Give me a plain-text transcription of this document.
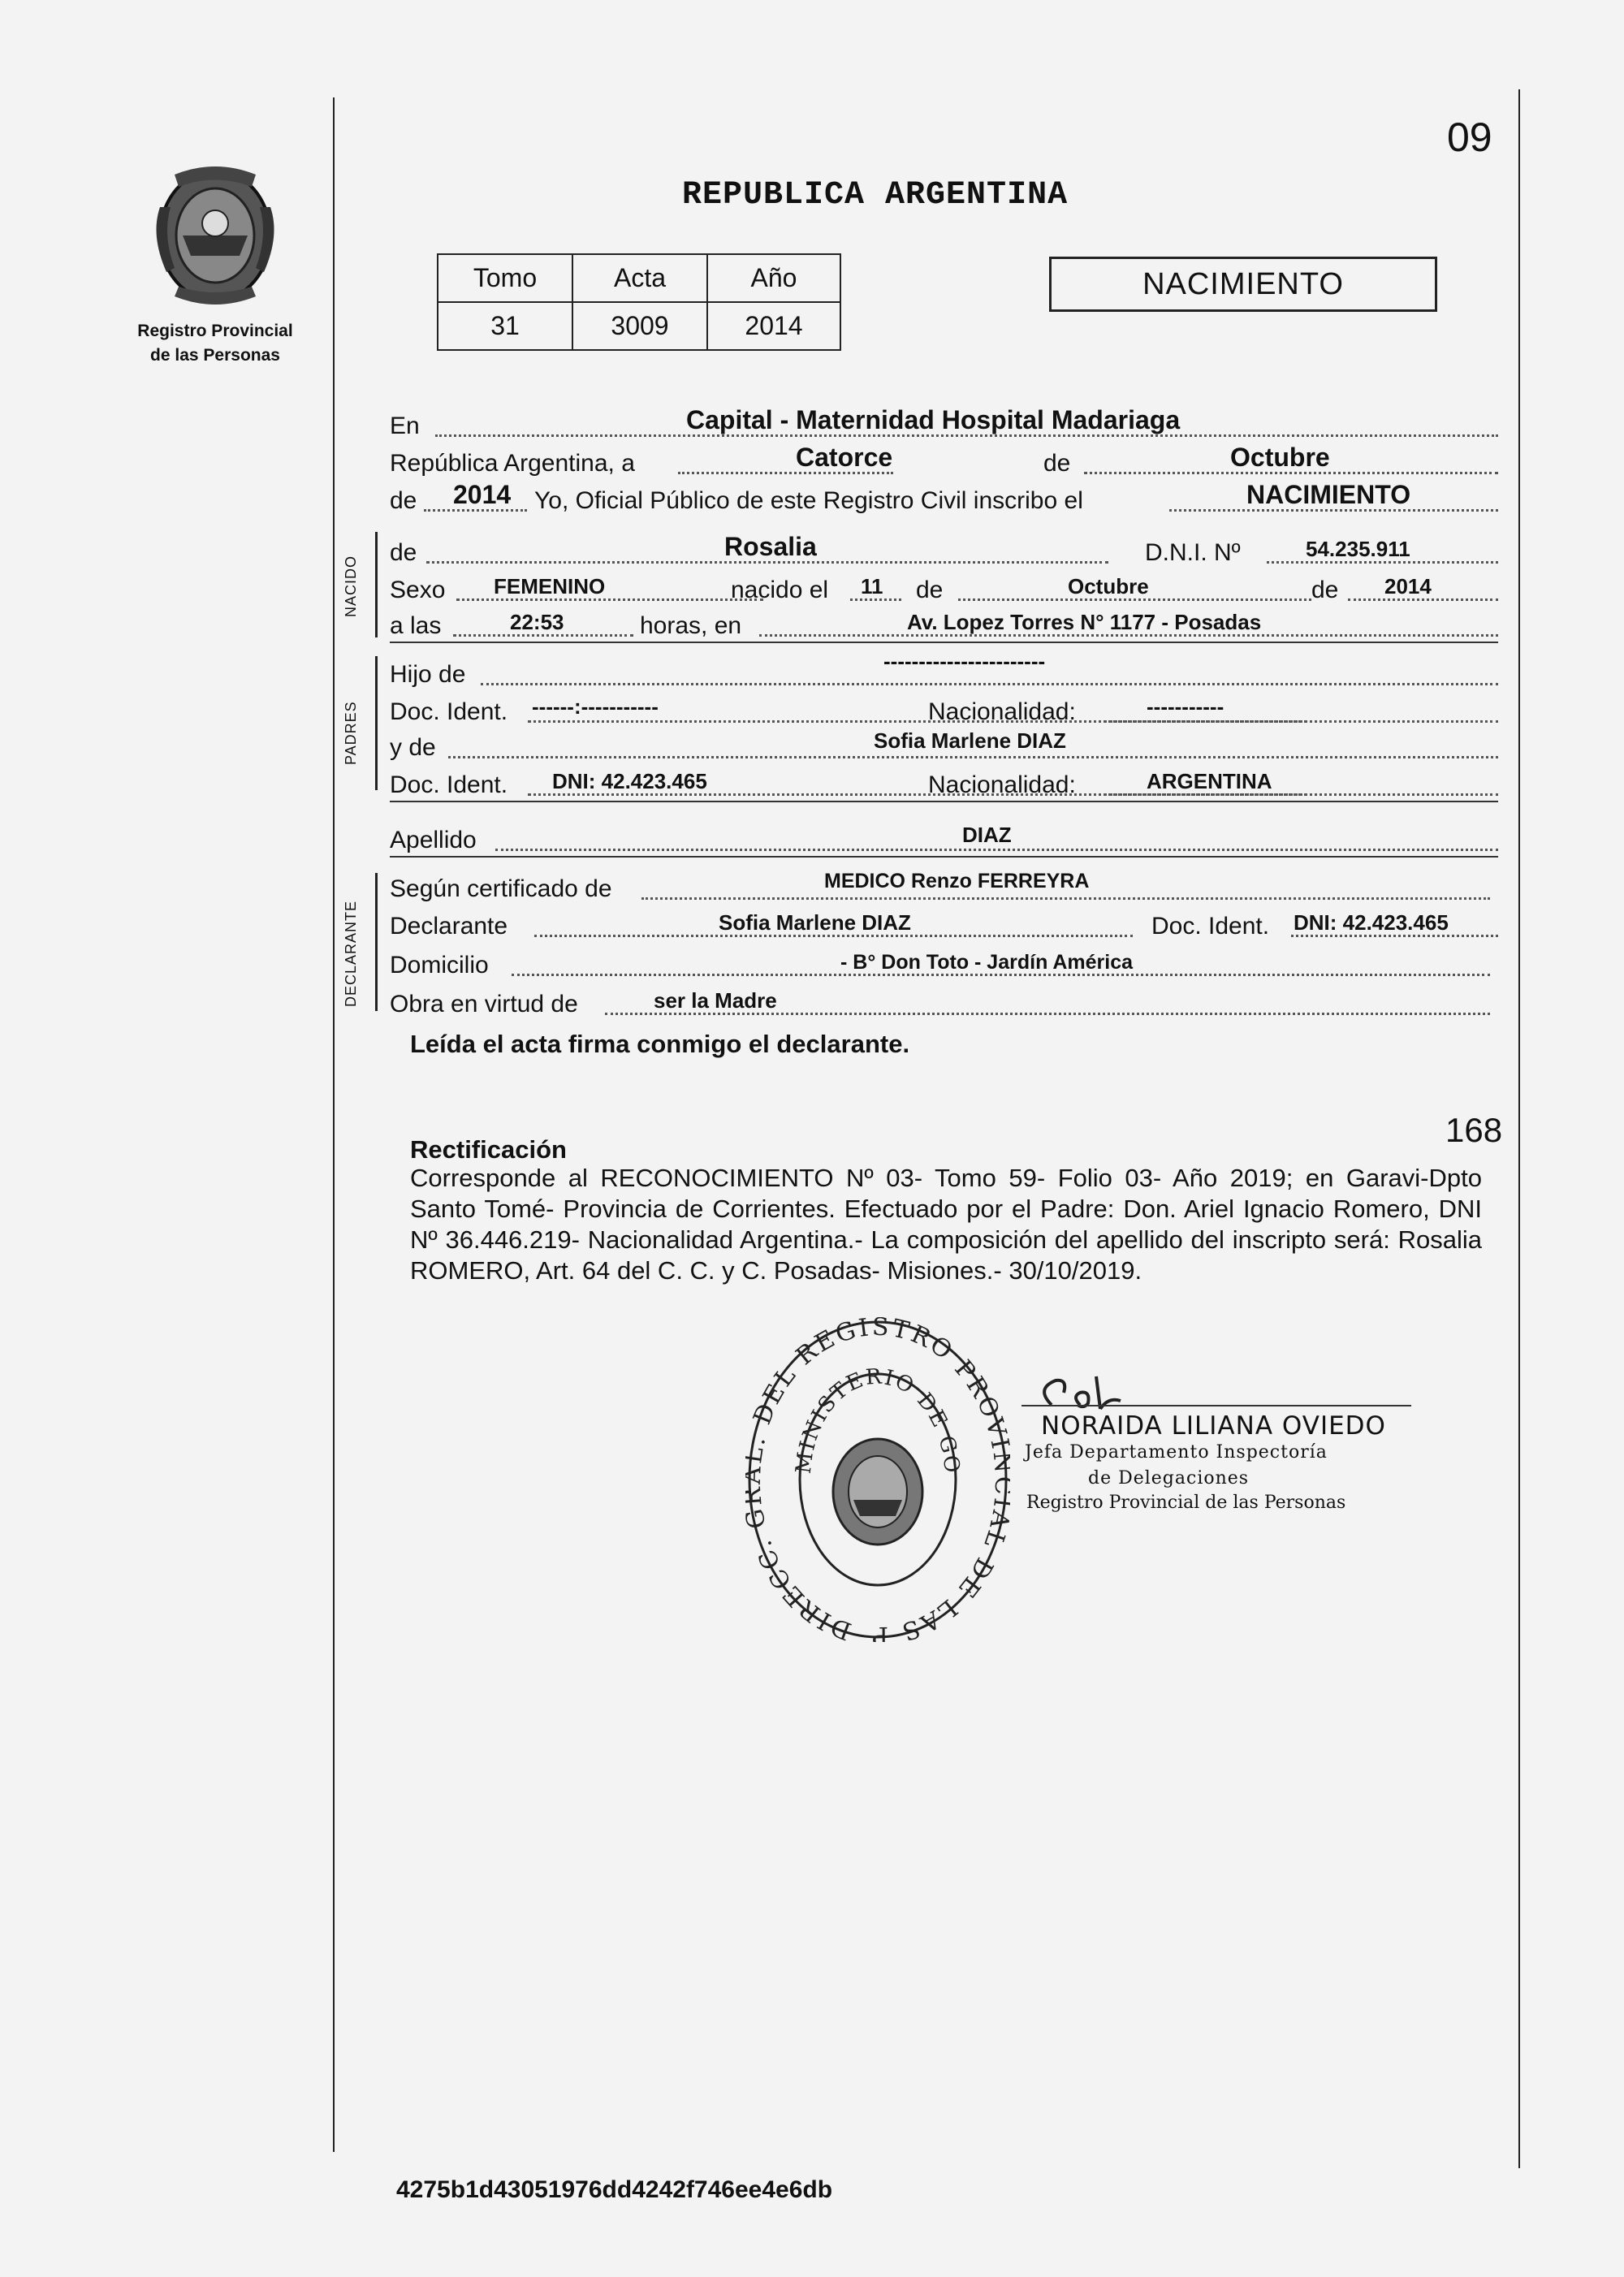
Registro Provincial
de las Personas
09
REPUBLICA ARGENTINA
Tomo	Acta	Año
31	3009	2014
NACIMIENTO
En	Capital - Maternidad Hospital Madariaga
República Argentina, a	Catorce	de	Octubre
de 2014 Yo, Oficial Público de este Registro Civil inscribo el	NACIMIENTO
NACIDO
de	Rosalia	D.N.I. Nº	54.235.911
Sexo FEMENINO	nacido el 11 de	Octubre	de 2014
a las	22:53	horas, en	Av. Lopez Torres N° 1177 - Posadas
PADRES
Hijo de	-----------------------
Doc. Ident. ------:-----------	Nacionalidad:	-----------
y de	Sofia Marlene DIAZ
Doc. Ident. DNI: 42.423.465	Nacionalidad:	ARGENTINA
Apellido	DIAZ
DECLARANTE
Según certificado de	MEDICO Renzo FERREYRA
Declarante	Sofia Marlene DIAZ	Doc. Ident. DNI: 42.423.465
Domicilio	- B° Don Toto - Jardín América
Obra en virtud de	ser la Madre
Leída el acta firma conmigo el declarante.
168
Rectificación
Corresponde al RECONOCIMIENTO Nº 03- Tomo 59- Folio 03- Año 2019; en Garavi-Dpto Santo Tomé- Provincia de Corrientes. Efectuado por el Padre: Don. Ariel Ignacio Romero, DNI Nº 36.446.219- Nacionalidad Argentina.- La composición del apellido del inscripto será: Rosalia ROMERO, Art. 64 del C. C. y C. Posadas- Misiones.- 30/10/2019.
DIRECC. DEL REGISTRO PROV L DE LAS P
MINISTERIO DE GO
NORAIDA LILIANA OVIEDO
Jefa Departamento Inspectoría
de Delegaciones
Registro Provincial de las Personas
4275b1d43051976dd4242f746ee4e6db
